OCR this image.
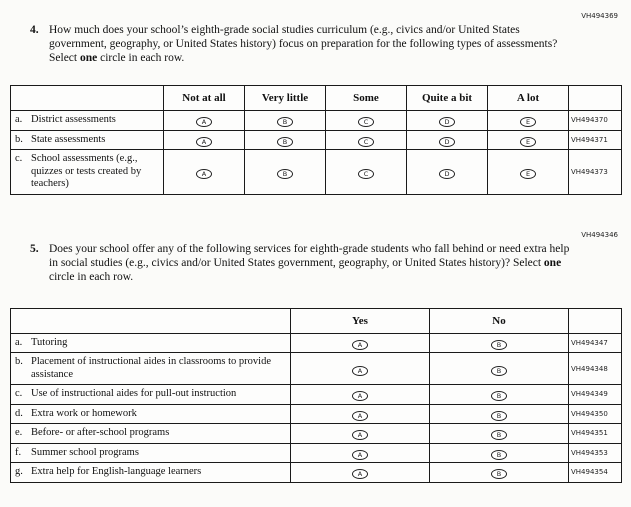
VH494369
4. How much does your school’s eighth-grade social studies curriculum (e.g., civics and/or United States government, geography, or United States history) focus on preparation for the following types of assessments? Select one circle in each row.
	Not at all	Very little	Some	Quite a bit	A lot	
a. District assessments	A	B	C	D	E	VH494370
b. State assessments	A	B	C	D	E	VH494371
c. School assessments (e.g., quizzes or tests created by teachers)	A	B	C	D	E	VH494373
VH494346
5. Does your school offer any of the following services for eighth-grade students who fall behind or need extra help in social studies (e.g., civics and/or United States government, geography, or United States history)? Select one circle in each row.
	Yes	No	
a. Tutoring	A	B	VH494347
b. Placement of instructional aides in classrooms to provide assistance	A	B	VH494348
c. Use of instructional aides for pull-out instruction	A	B	VH494349
d. Extra work or homework	A	B	VH494350
e. Before- or after-school programs	A	B	VH494351
f. Summer school programs	A	B	VH494353
g. Extra help for English-language learners	A	B	VH494354
